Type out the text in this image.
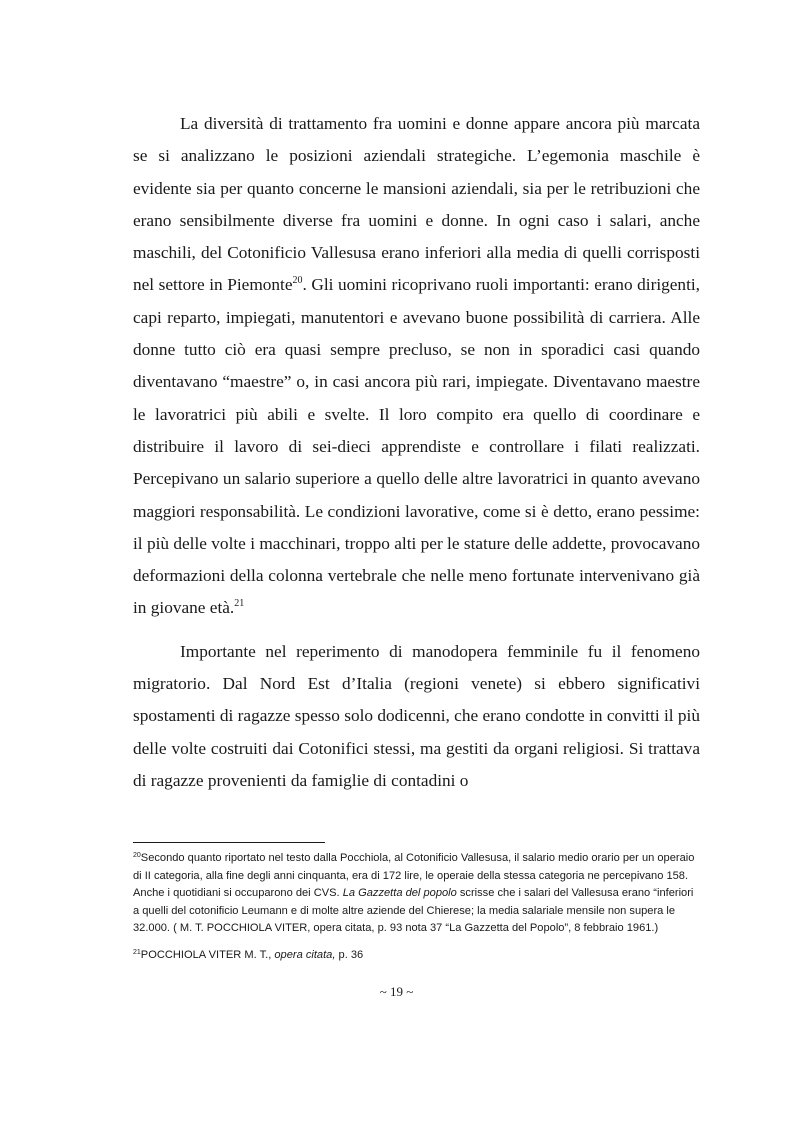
La diversità di trattamento fra uomini e donne appare ancora più marcata se si analizzano le posizioni aziendali strategiche. L’egemonia maschile è evidente sia per quanto concerne le mansioni aziendali, sia per le retribuzioni che erano sensibilmente diverse fra uomini e donne. In ogni caso i salari, anche maschili, del Cotonificio Vallesusa erano inferiori alla media di quelli corrisposti nel settore in Piemonte$^{20}$. Gli uomini ricoprivano ruoli importanti: erano dirigenti, capi reparto, impiegati, manutentori e avevano buone possibilità di carriera. Alle donne tutto ciò era quasi sempre precluso, se non in sporadici casi quando diventavano “maestre” o, in casi ancora più rari, impiegate. Diventavano maestre le lavoratrici più abili e svelte. Il loro compito era quello di coordinare e distribuire il lavoro di sei-dieci apprendiste e controllare i filati realizzati. Percepivano un salario superiore a quello delle altre lavoratrici in quanto avevano maggiori responsabilità. Le condizioni lavorative, come si è detto, erano pessime: il più delle volte i macchinari, troppo alti per le stature delle addette, provocavano deformazioni della colonna vertebrale che nelle meno fortunate intervenivano già in giovane età.$^{21}$

Importante nel reperimento di manodopera femminile fu il fenomeno migratorio. Dal Nord Est d’Italia (regioni venete) si ebbero significativi spostamenti di ragazze spesso solo dodicenni, che erano condotte in convitti il più delle volte costruiti dai Cotonifici stessi, ma gestiti da organi religiosi. Si trattava di ragazze provenienti da famiglie di contadini o

$^{20}$Secondo quanto riportato nel testo dalla Pocchiola, al Cotonificio Vallesusa, il salario medio orario per un operaio di II categoria, alla fine degli anni cinquanta, era di 172 lire, le operaie della stessa categoria ne percepivano 158. Anche i quotidiani si occuparono dei CVS. La Gazzetta del popolo scrisse che i salari del Vallesusa erano “inferiori a quelli del cotonificio Leumann e di molte altre aziende del Chierese; la media salariale mensile non supera le 32.000. ( M. T. POCCHIOLA VITER, opera citata, p. 93 nota 37 “La Gazzetta del Popolo”, 8 febbraio 1961.)

$^{21}$POCCHIOLA VITER M. T., opera citata, p. 36

~ 19 ~
